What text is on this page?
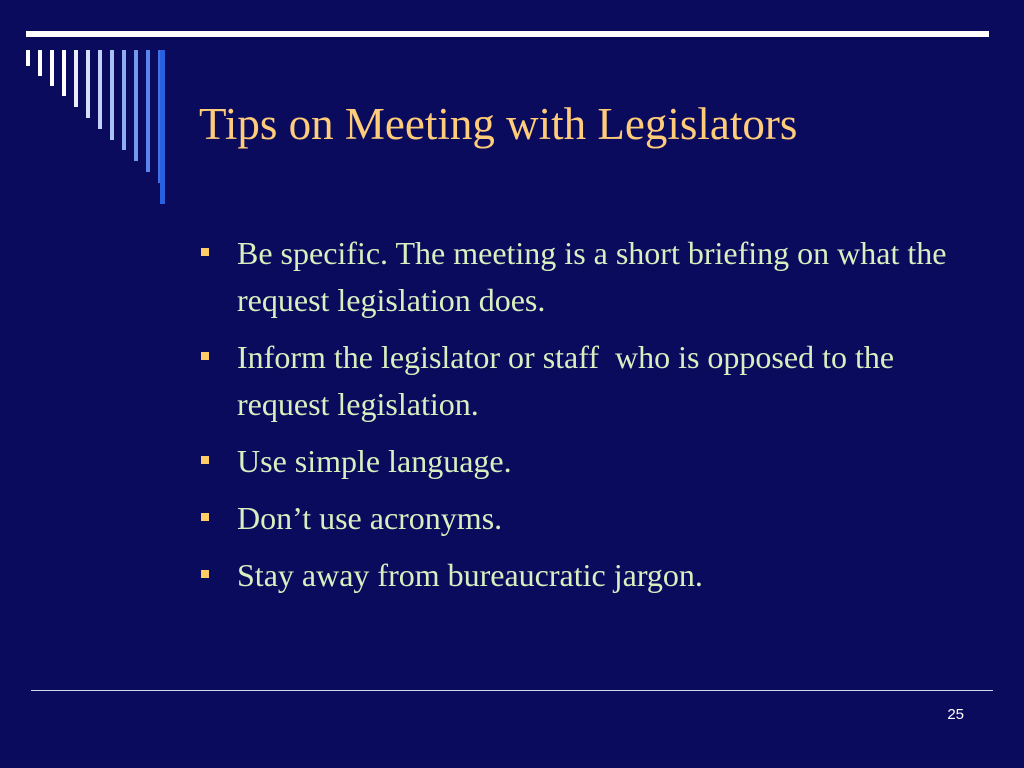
Tips on Meeting with Legislators
Be specific. The meeting is a short briefing on what the request legislation does.
Inform the legislator or staff  who is opposed to the request legislation.
Use simple language.
Don’t use acronyms.
Stay away from bureaucratic jargon.
25
